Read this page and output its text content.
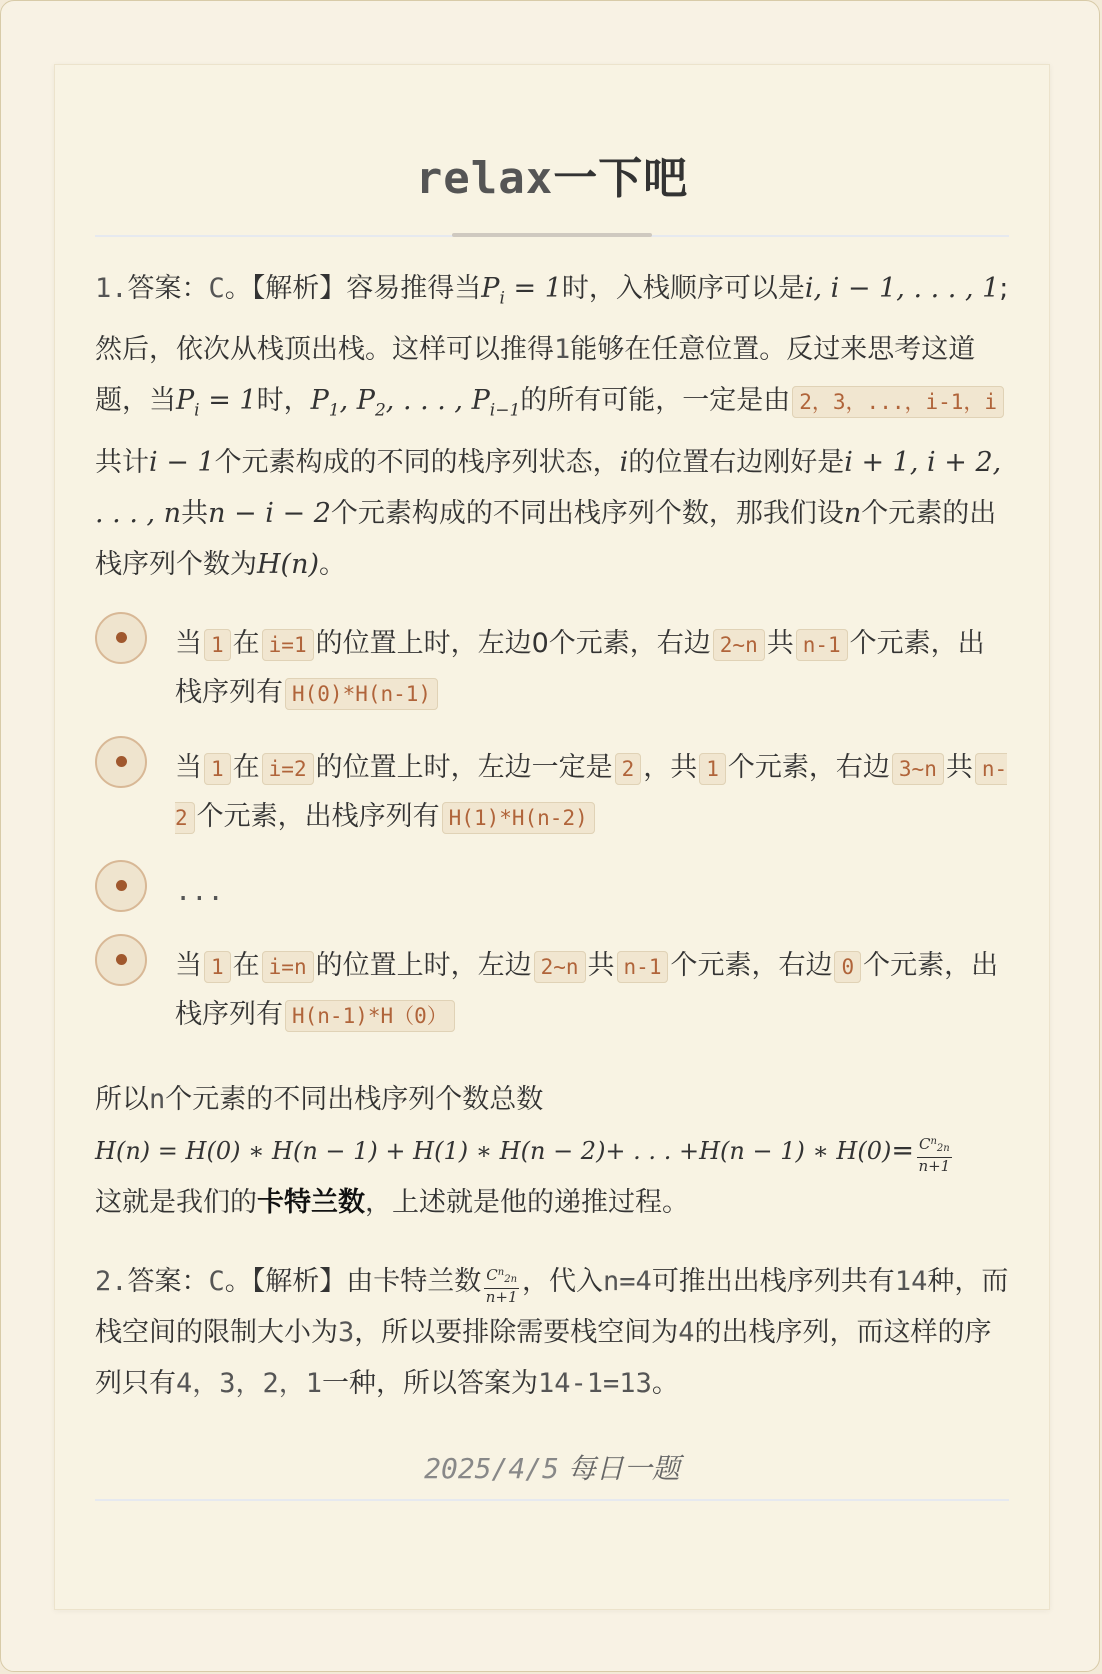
relax一下吧

1.答案：C。【解析】容易推得当$P_i = 1$时，入栈顺序可以是i, i − 1, . . . , 1;然后，依次从栈顶出栈。这样可以推得1能够在任意位置。反过来思考这道题，当$P_i = 1$时，$P_1$, $P_2$, . . . , $P_{i-1}$的所有可能，一定是由 2，3，...，i-1，i共计i − 1个元素构成的不同的栈序列状态，i的位置右边刚好是i + 1, i + 2, . . . , n共n − i − 2个元素构成的不同出栈序列个数，那我们设n个元素的出栈序列个数为H(n)。

当 1 在 i=1 的位置上时，左边0个元素，右边 2~n 共 n-1 个元素，出栈序列有 H(0)*H(n-1)
当 1 在 i=2 的位置上时，左边一定是 2 ，共 1 个元素，右边 3~n 共 n-2 个元素，出栈序列有 H(1)*H(n-2)
...
当 1 在 i=n 的位置上时，左边 2~n 共 n-1 个元素，右边 0 个元素，出栈序列有 H(n-1)*H（0）

所以n个元素的不同出栈序列个数总数
H(n) = H(0) ∗ H(n − 1) + H(1) ∗ H(n − 2)+ . . . +H(n − 1) ∗ $H(0)= \frac{C^n_{2n}}{n+1}$

这就是我们的卡特兰数，上述就是他的递推过程。

2.答案：C。【解析】由卡特兰数 $\frac{C^n_{2n}}{n+1}$ ，代入n=4可推出出栈序列共有14种，而栈空间的限制大小为3，所以要排除需要栈空间为4的出栈序列，而这样的序列只有4，3，2，1一种，所以答案为14-1=13。

2025/4/5 每日一题
